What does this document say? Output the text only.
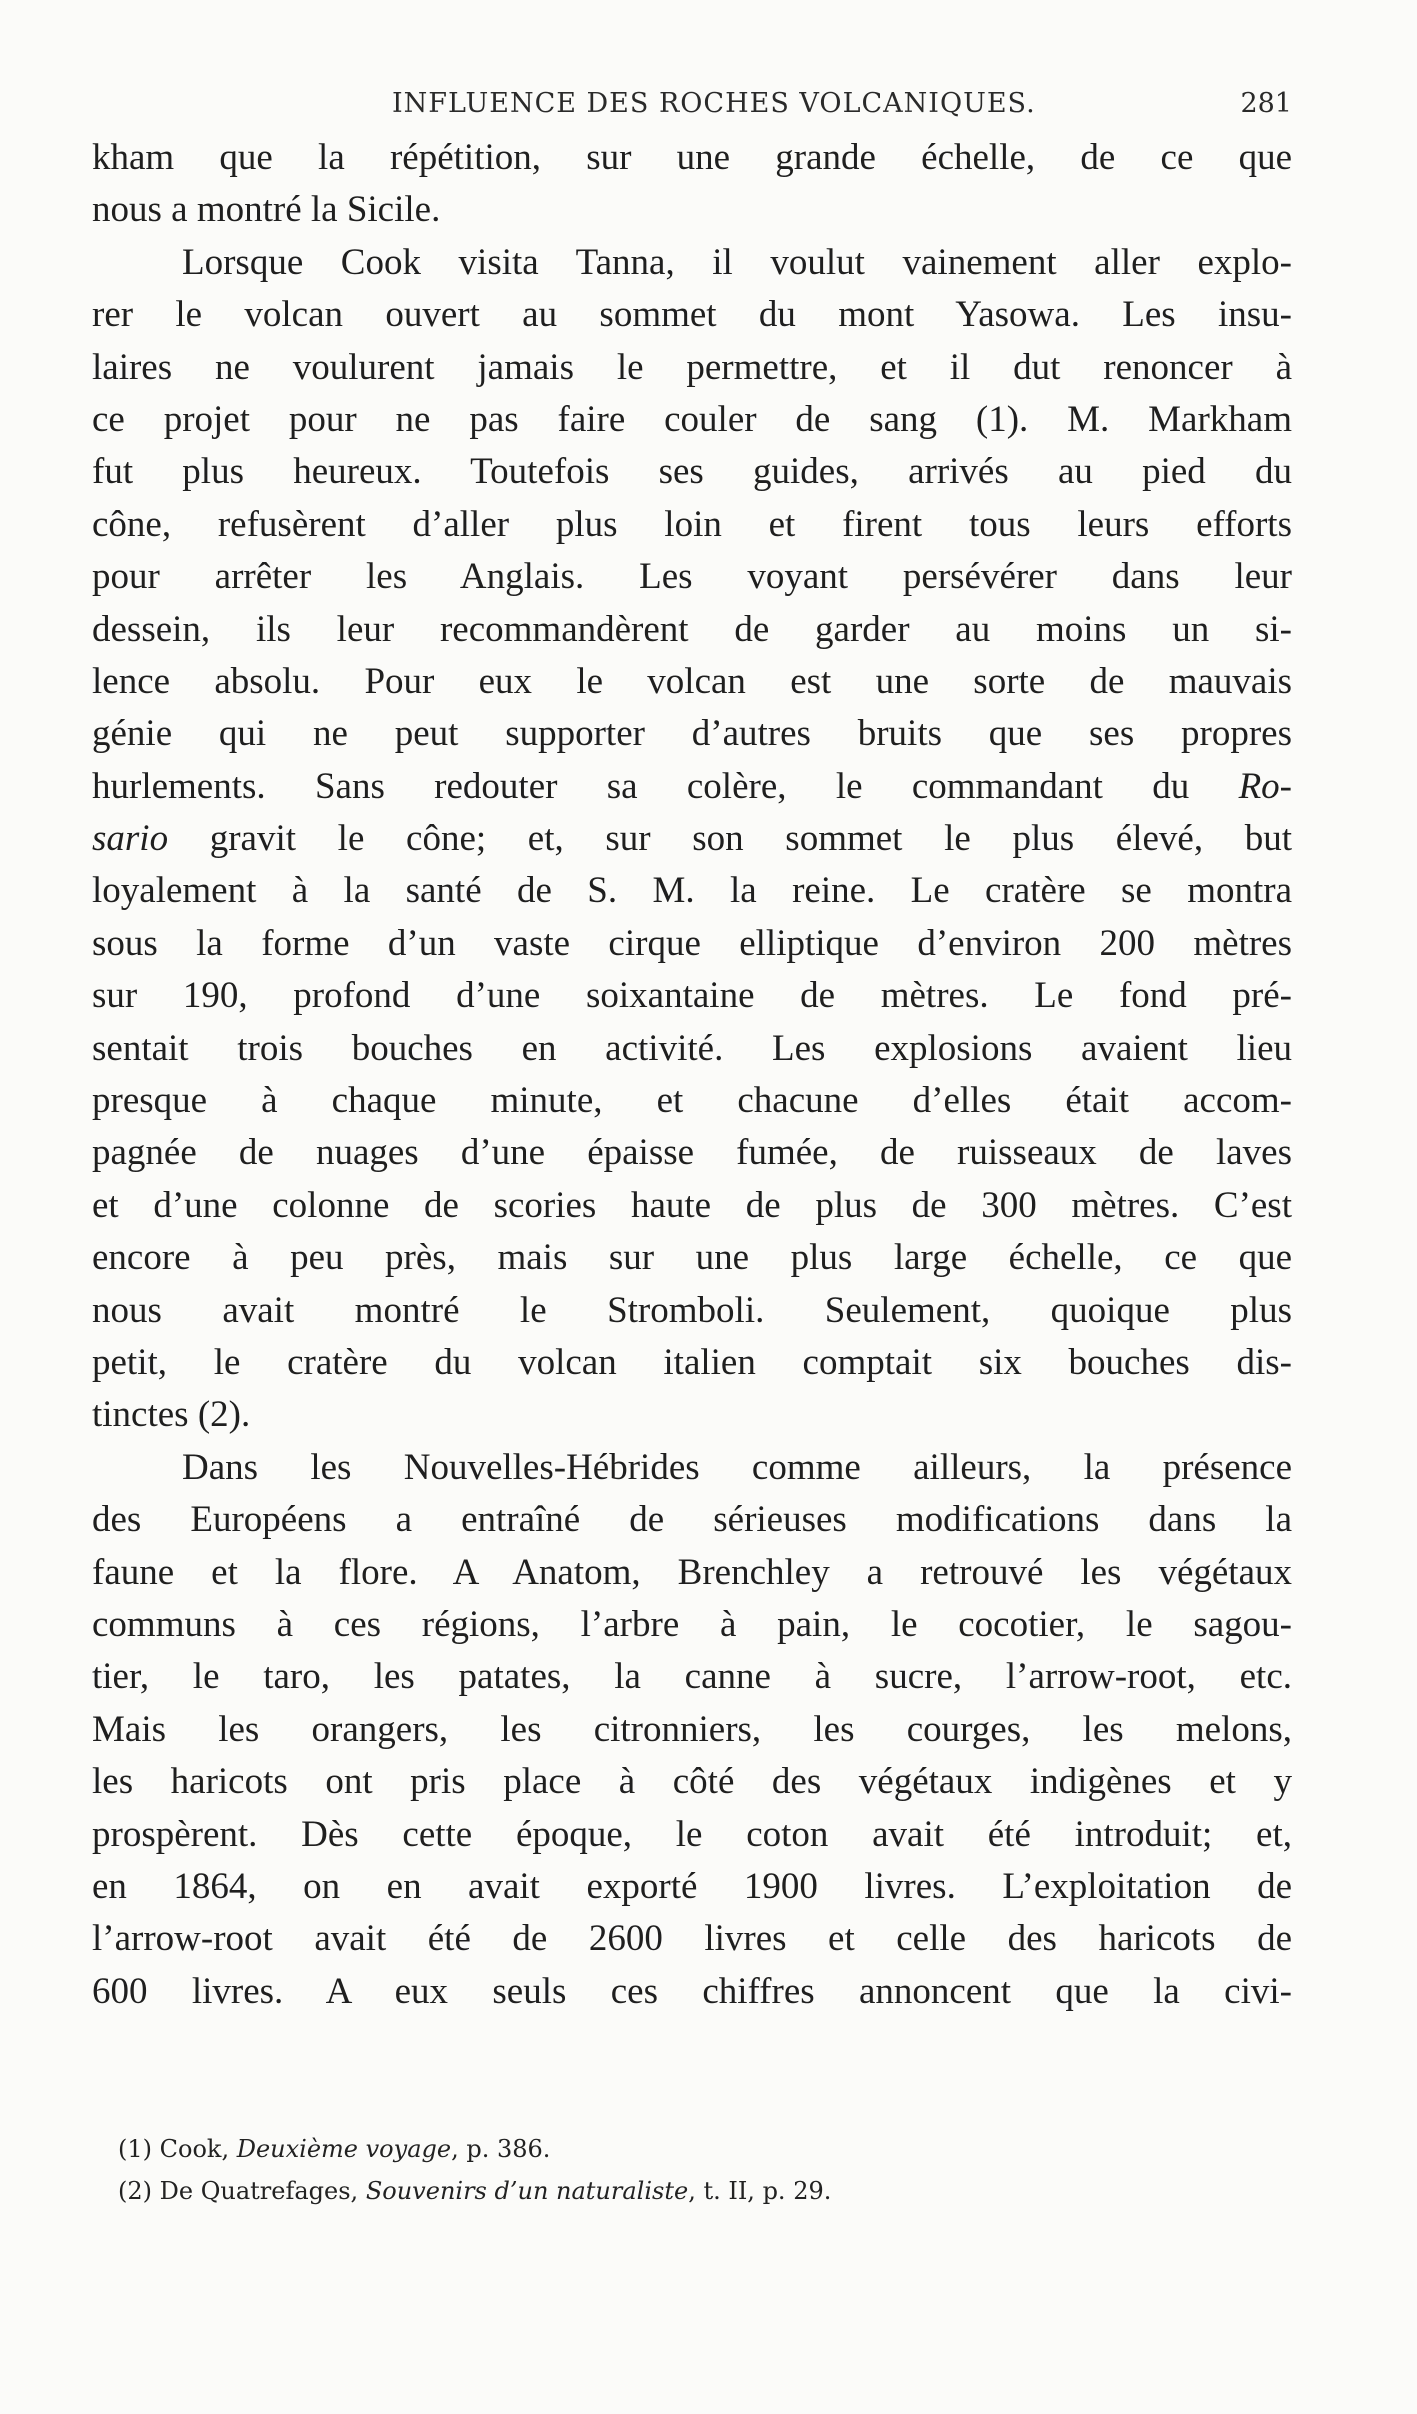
INFLUENCE DES ROCHES VOLCANIQUES.	281
kham que la répétition, sur une grande échelle, de ce que
nous a montré la Sicile.
Lorsque Cook visita Tanna, il voulut vainement aller explo-
rer le volcan ouvert au sommet du mont Yasowa. Les insu-
laires ne voulurent jamais le permettre, et il dut renoncer à
ce projet pour ne pas faire couler de sang (1). M. Markham
fut plus heureux. Toutefois ses guides, arrivés au pied du
cône, refusèrent d’aller plus loin et firent tous leurs efforts
pour arrêter les Anglais. Les voyant persévérer dans leur
dessein, ils leur recommandèrent de garder au moins un si-
lence absolu. Pour eux le volcan est une sorte de mauvais
génie qui ne peut supporter d’autres bruits que ses propres
hurlements. Sans redouter sa colère, le commandant du Ro-
sario gravit le cône; et, sur son sommet le plus élevé, but
loyalement à la santé de S. M. la reine. Le cratère se montra
sous la forme d’un vaste cirque elliptique d’environ 200 mètres
sur 190, profond d’une soixantaine de mètres. Le fond pré-
sentait trois bouches en activité. Les explosions avaient lieu
presque à chaque minute, et chacune d’elles était accom-
pagnée de nuages d’une épaisse fumée, de ruisseaux de laves
et d’une colonne de scories haute de plus de 300 mètres. C’est
encore à peu près, mais sur une plus large échelle, ce que
nous avait montré le Stromboli. Seulement, quoique plus
petit, le cratère du volcan italien comptait six bouches dis-
tinctes (2).
Dans les Nouvelles-Hébrides comme ailleurs, la présence
des Européens a entraîné de sérieuses modifications dans la
faune et la flore. A Anatom, Brenchley a retrouvé les végétaux
communs à ces régions, l’arbre à pain, le cocotier, le sagou-
tier, le taro, les patates, la canne à sucre, l’arrow-root, etc.
Mais les orangers, les citronniers, les courges, les melons,
les haricots ont pris place à côté des végétaux indigènes et y
prospèrent. Dès cette époque, le coton avait été introduit; et,
en 1864, on en avait exporté 1900 livres. L’exploitation de
l’arrow-root avait été de 2600 livres et celle des haricots de
600 livres. A eux seuls ces chiffres annoncent que la civi-
(1) Cook, Deuxième voyage, p. 386.
(2) De Quatrefages, Souvenirs d’un naturaliste, t. II, p. 29.
